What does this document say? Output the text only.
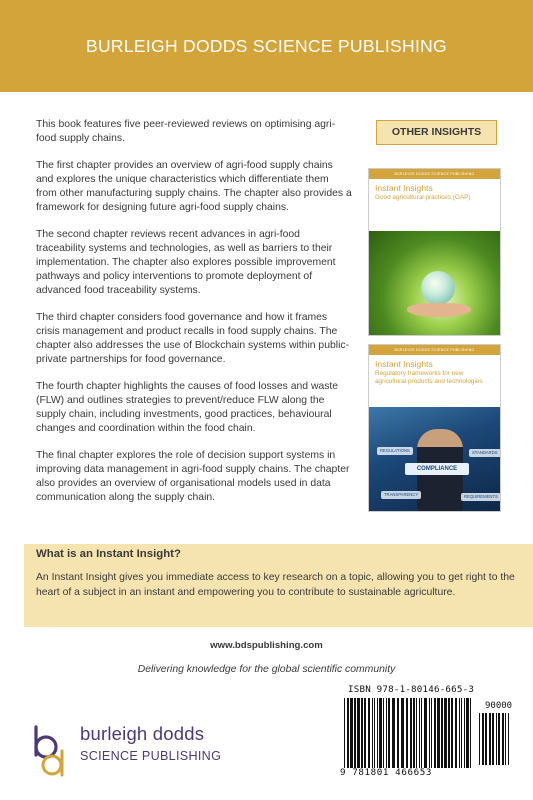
BURLEIGH DODDS SCIENCE PUBLISHING

This book features five peer-reviewed reviews on optimising agri-food supply chains.

The first chapter provides an overview of agri-food supply chains and explores the unique characteristics which differentiate them from other manufacturing supply chains. The chapter also provides a framework for designing future agri-food supply chains.

The second chapter reviews recent advances in agri-food traceability systems and technologies, as well as barriers to their implementation. The chapter also explores possible improvement pathways and policy interventions to promote deployment of advanced food traceability systems.

The third chapter considers food governance and how it frames crisis management and product recalls in food supply chains. The chapter also addresses the use of Blockchain systems within public-private partnerships for food governance.

The fourth chapter highlights the causes of food losses and waste (FLW) and outlines strategies to prevent/reduce FLW along the supply chain, including investments, good practices, behavioural changes and coordination within the food chain.

The final chapter explores the role of decision support systems in improving data management in agri-food supply chains. The chapter also provides an overview of organisational models used in data communication along the supply chain.

OTHER INSIGHTS
BURLEIGH DODDS SCIENCE PUBLISHING
Instant Insights
Good agricultural practices (GAP)
BURLEIGH DODDS SCIENCE PUBLISHING
Instant Insights
Regulatory frameworks for new agricultural products and technologies
COMPLIANCE
REGULATIONS	STANDARDS
TRANSPARENCY	REQUIREMENTS
What is an Instant Insight?
An Instant Insight gives you immediate access to key research on a topic, allowing you to get right to the heart of a subject in an instant and empowering you to contribute to sustainable agriculture.
www.bdspublishing.com
Delivering knowledge for the global scientific community
burleigh dodds
SCIENCE PUBLISHING
ISBN 978-1-80146-665-3
90000
9 781801 466653
